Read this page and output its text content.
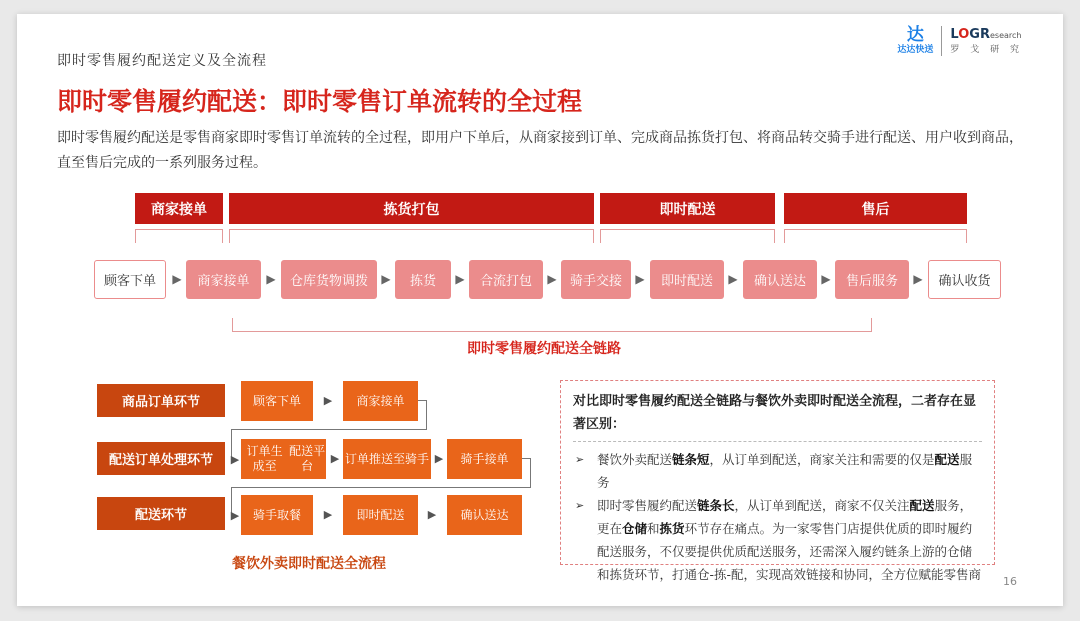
即时零售履约配送定义及全流程
达
达达快送
LOGResearch
罗 戈 研 究
即时零售履约配送：即时零售订单流转的全过程
即时零售履约配送是零售商家即时零售订单流转的全过程，即用户下单后，从商家接到订单、完成商品拣货打包、将商品转交骑手进行配送、用户收到商品，直至售后完成的一系列服务过程。
商家接单	拣货打包	即时配送	售后
顾客下单	▶	商家接单	▶	仓库货物调拨	▶	拣货	▶	合流打包	▶	骑手交接	▶	即时配送	▶	确认送达	▶	售后服务	▶	确认收货
即时零售履约配送全链路
商品订单环节
配送订单处理环节
配送环节
顾客下单	▶	商家接单
▶
订单生成至

配送平台
▶ 订单推送至 骑手 ▶	骑手接单
▶	骑手取餐	▶	即时配送	▶	确认送达
餐饮外卖即时配送全流程
对比即时零售履约配送全链路与餐饮外卖即时配送全流程，二者存在显著区别：
➢ 餐饮外卖配送链条短，从订单到配送，商家关注和需要的仅是配送服务
➢ 即时零售履约配送链条长，从订单到配送，商家不仅关注配送服务，更在仓储和拣货环节存在痛点。为一家零售门店提供优质的即时履约配送服务，不仅要提供优质配送服务，还需深入履约链条上游的仓储和拣货环节，打通仓-拣-配，实现高效链接和协同，全方位赋能零售商 16
